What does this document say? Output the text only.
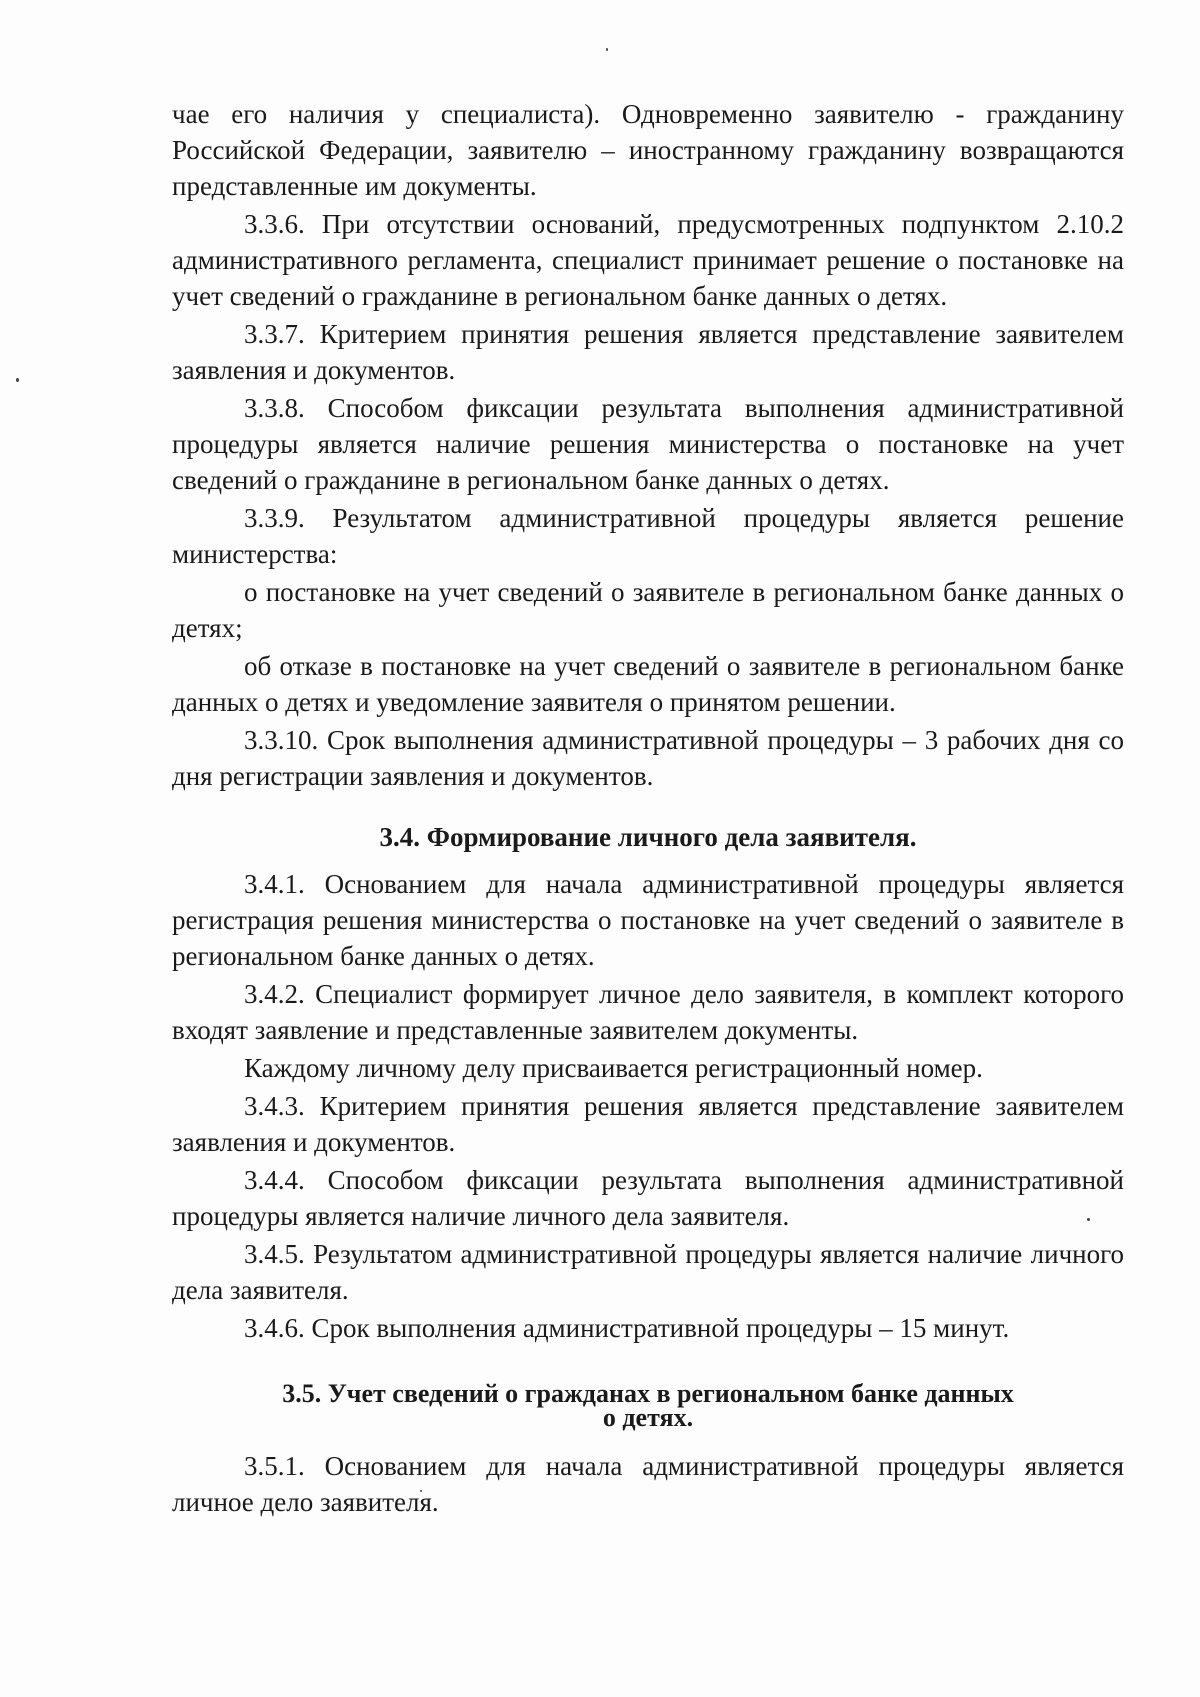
чае его наличия у специалиста). Одновременно заявителю - гражданину Российской Федерации, заявителю – иностранному гражданину возвращаются представленные им документы.

3.3.6. При отсутствии оснований, предусмотренных подпунктом 2.10.2 административного регламента, специалист принимает решение о постановке на учет сведений о гражданине в региональном банке данных о детях.

3.3.7. Критерием принятия решения является представление заявителем заявления и документов.

3.3.8. Способом фиксации результата выполнения административной процедуры является наличие решения министерства о постановке на учет сведений о гражданине в региональном банке данных о детях.

3.3.9. Результатом административной процедуры является решение министерства:

о постановке на учет сведений о заявителе в региональном банке данных о детях;

об отказе в постановке на учет сведений о заявителе в региональном банке данных о детях и уведомление заявителя о принятом решении.

3.3.10. Срок выполнения административной процедуры – 3 рабочих дня со дня регистрации заявления и документов.

3.4. Формирование личного дела заявителя.

3.4.1. Основанием для начала административной процедуры является регистрация решения министерства о постановке на учет сведений о заявителе в региональном банке данных о детях.

3.4.2. Специалист формирует личное дело заявителя, в комплект которого входят заявление и представленные заявителем документы.

Каждому личному делу присваивается регистрационный номер.

3.4.3. Критерием принятия решения является представление заявителем заявления и документов.

3.4.4. Способом фиксации результата выполнения административной процедуры является наличие личного дела заявителя.

3.4.5. Результатом административной процедуры является наличие личного дела заявителя.

3.4.6. Срок выполнения административной процедуры – 15 минут.

3.5. Учет сведений о гражданах в региональном банке данных
о детях.

3.5.1. Основанием для начала административной процедуры является личное дело заявителя.
